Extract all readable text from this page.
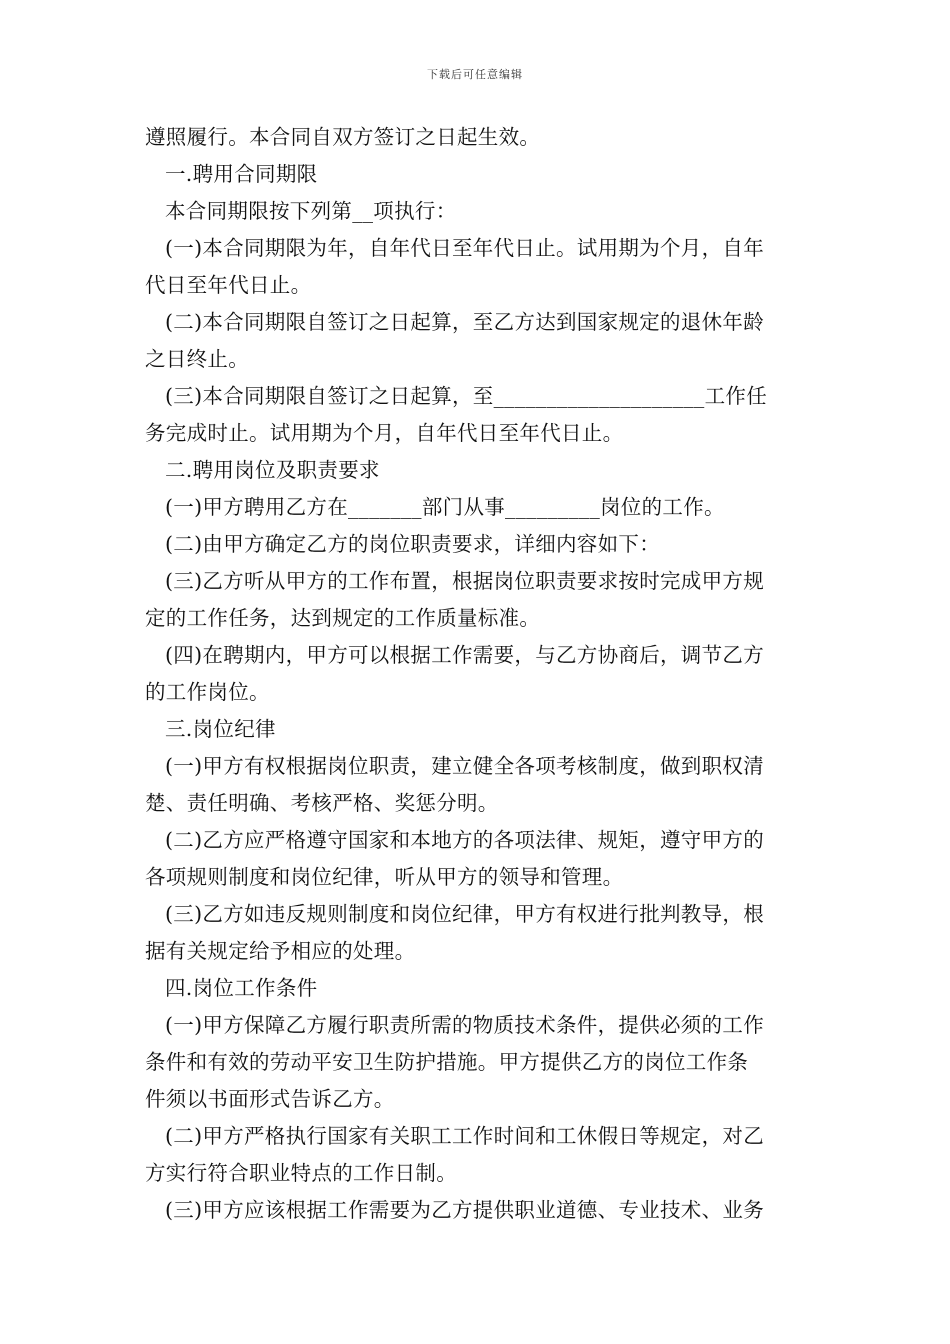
下载后可任意编辑
遵照履行。本合同自双方签订之日起生效。
一.聘用合同期限
本合同期限按下列第__项执行：
(一)本合同期限为年，自年代日至年代日止。试用期为个月，自年
代日至年代日止。
(二)本合同期限自签订之日起算，至乙方达到国家规定的退休年龄
之日终止。
(三)本合同期限自签订之日起算，至____________________工作任
务完成时止。试用期为个月，自年代日至年代日止。
二.聘用岗位及职责要求
(一)甲方聘用乙方在_______部门从事_________岗位的工作。
(二)由甲方确定乙方的岗位职责要求，详细内容如下：
(三)乙方听从甲方的工作布置，根据岗位职责要求按时完成甲方规
定的工作任务，达到规定的工作质量标准。
(四)在聘期内，甲方可以根据工作需要，与乙方协商后，调节乙方
的工作岗位。
三.岗位纪律
(一)甲方有权根据岗位职责，建立健全各项考核制度，做到职权清
楚、责任明确、考核严格、奖惩分明。
(二)乙方应严格遵守国家和本地方的各项法律、规矩，遵守甲方的
各项规则制度和岗位纪律，听从甲方的领导和管理。
(三)乙方如违反规则制度和岗位纪律，甲方有权进行批判教导，根
据有关规定给予相应的处理。
四.岗位工作条件
(一)甲方保障乙方履行职责所需的物质技术条件，提供必须的工作
条件和有效的劳动平安卫生防护措施。甲方提供乙方的岗位工作条
件须以书面形式告诉乙方。
(二)甲方严格执行国家有关职工工作时间和工休假日等规定，对乙
方实行符合职业特点的工作日制。
(三)甲方应该根据工作需要为乙方提供职业道德、专业技术、业务
